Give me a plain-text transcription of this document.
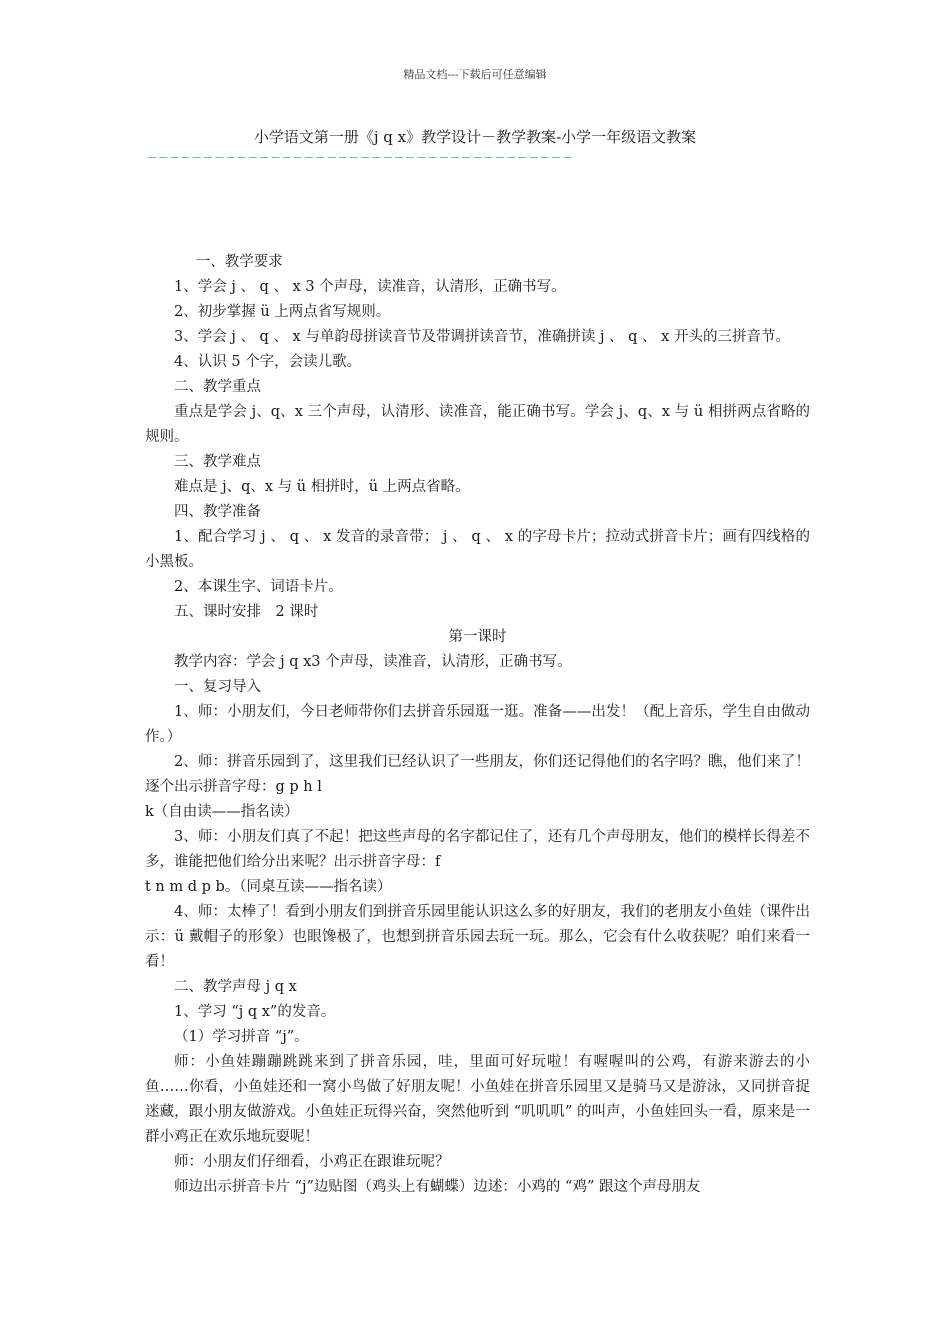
精品文档---下载后可任意编辑
小学语文第一册《j q x》教学设计－教学教案-小学一年级语文教案
——————————————————————————————————————

一、教学要求

1、学会 j 、 q 、 x 3 个声母，读准音，认清形，正确书写。

2、初步掌握 ü 上两点省写规则。

3、学会 j 、 q 、 x 与单韵母拼读音节及带调拼读音节，准确拼读 j 、 q 、 x 开头的三拼音节。

4、认识 5 个字，会读儿歌。

二、教学重点

重点是学会 j、q、x 三个声母，认清形、读准音，能正确书写。学会 j、q、x 与 ü 相拼两点省略的规则。

三、教学难点

难点是 j、q、x 与 ü 相拼时，ü 上两点省略。

四、教学准备

1、配合学习 j 、 q 、 x 发音的录音带； j 、 q 、 x 的字母卡片；拉动式拼音卡片；画有四线格的小黑板。

2、本课生字、词语卡片。

五、课时安排　2 课时

第一课时

教学内容：学会 j q x3 个声母，读准音，认清形，正确书写。

一、复习导入

1、师：小朋友们，今日老师带你们去拼音乐园逛一逛。准备——出发！（配上音乐，学生自由做动作。）

2、师：拼音乐园到了，这里我们已经认识了一些朋友，你们还记得他们的名字吗？瞧，他们来了！逐个出示拼音字母：g p h l

k（自由读——指名读）

3、师：小朋友们真了不起！把这些声母的名字都记住了，还有几个声母朋友，他们的模样长得差不多，谁能把他们给分出来呢？出示拼音字母：f

t n m d p b。（同桌互读——指名读）

4、师：太棒了！看到小朋友们到拼音乐园里能认识这么多的好朋友，我们的老朋友小鱼娃（课件出示：ü 戴帽子的形象）也眼馋极了，也想到拼音乐园去玩一玩。那么，它会有什么收获呢？咱们来看一看！

二、教学声母 j q x

1、学习 “j q x”的发音。

（1）学习拼音 “j”。

师：小鱼娃蹦蹦跳跳来到了拼音乐园，哇，里面可好玩啦！有喔喔叫的公鸡，有游来游去的小鱼……你看，小鱼娃还和一窝小鸟做了好朋友呢！小鱼娃在拼音乐园里又是骑马又是游泳，又同拼音捉迷藏，跟小朋友做游戏。小鱼娃正玩得兴奋，突然他听到 “叽叽叽” 的叫声，小鱼娃回头一看，原来是一群小鸡正在欢乐地玩耍呢！

师：小朋友们仔细看，小鸡正在跟谁玩呢？

师边出示拼音卡片 “j”边贴图（鸡头上有蝴蝶）边述：小鸡的 “鸡” 跟这个声母朋友
